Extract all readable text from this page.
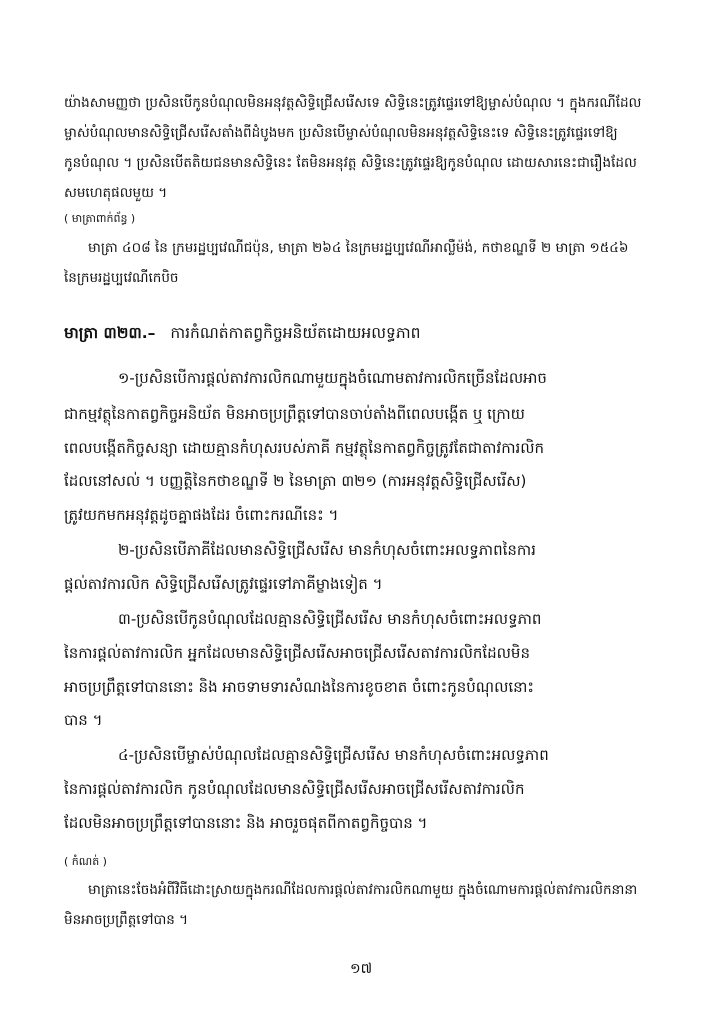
យ៉ាងសាមញ្ញថា ប្រសិនបើកូនបំណុលមិនអនុវត្តសិទ្ធិជ្រើសរើសទេ សិទ្ធិនេះត្រូវផ្ទេរទៅឱ្យម្ចាស់បំណុល ។ ក្នុងករណីដែល
ម្ចាស់បំណុលមានសិទ្ធិជ្រើសរើសតាំងពីដំបូងមក ប្រសិនបើម្ចាស់បំណុលមិនអនុវត្តសិទ្ធិនេះទេ សិទ្ធិនេះត្រូវផ្ទេរទៅឱ្យ
កូនបំណុល ។ ប្រសិនបើតតិយជនមានសិទ្ធិនេះ តែមិនអនុវត្ត សិទ្ធិនេះត្រូវផ្ទេរឱ្យកូនបំណុល ដោយសារនេះជារឿងដែល
សមហេតុផលមួយ ។
( មាត្រាពាក់ព័ន្ធ )
មាត្រា ៤០៨ នៃ ក្រមរដ្ឋប្បវេណីជប៉ុន, មាត្រា ២៦៤ នៃក្រមរដ្ឋប្បវេណីអាល្លឺម៉ង់, កថាខណ្ឌទី ២ មាត្រា ១៥៤៦
នៃក្រមរដ្ឋប្បវេណីកេបិច
មាត្រា ៣២៣.– ការកំណត់កាតព្វកិច្ចអនិយ័តដោយអលទ្ធភាព
១-ប្រសិនបើការផ្តល់តាវការលិកណាមួយក្នុងចំណោមតាវការលិកច្រើនដែលអាច
ជាកម្មវត្ថុនៃកាតព្វកិច្ចអនិយ័ត មិនអាចប្រព្រឹត្តទៅបានចាប់តាំងពីពេលបង្កើត ឬ ក្រោយ
ពេលបង្កើតកិច្ចសន្យា ដោយគ្មានកំហុសរបស់ភាគី កម្មវត្ថុនៃកាតព្វកិច្ចត្រូវតែជាតាវការលិក
ដែលនៅសល់ ។ បញ្ញត្តិនៃកថាខណ្ឌទី ២ នៃមាត្រា ៣២១ (ការអនុវត្តសិទ្ធិជ្រើសរើស)
ត្រូវយកមកអនុវត្តដូចគ្នាផងដែរ ចំពោះករណីនេះ ។
២-ប្រសិនបើភាគីដែលមានសិទ្ធិជ្រើសរើស មានកំហុសចំពោះអលទ្ធភាពនៃការ
ផ្តល់តាវការលិក សិទ្ធិជ្រើសរើសត្រូវផ្ទេរទៅភាគីម្ខាងទៀត ។
៣-ប្រសិនបើកូនបំណុលដែលគ្មានសិទ្ធិជ្រើសរើស មានកំហុសចំពោះអលទ្ធភាព
នៃការផ្តល់តាវការលិក អ្នកដែលមានសិទ្ធិជ្រើសរើសអាចជ្រើសរើសតាវការលិកដែលមិន
អាចប្រព្រឹត្តទៅបាននោះ និង អាចទាមទារសំណងនៃការខូចខាត ចំពោះកូនបំណុលនោះ
បាន ។
៤-ប្រសិនបើម្ចាស់បំណុលដែលគ្មានសិទ្ធិជ្រើសរើស មានកំហុសចំពោះអលទ្ធភាព
នៃការផ្តល់តាវការលិក កូនបំណុលដែលមានសិទ្ធិជ្រើសរើសអាចជ្រើសរើសតាវការលិក
ដែលមិនអាចប្រព្រឹត្តទៅបាននោះ និង អាចរួចផុតពីកាតព្វកិច្ចបាន ។
( កំណត់ )
មាត្រានេះចែងអំពីវិធីដោះស្រាយក្នុងករណីដែលការផ្តល់តាវការលិកណាមួយ ក្នុងចំណោមការផ្តល់តាវការលិកនានា
មិនអាចប្រព្រឹត្តទៅបាន ។
១៧
